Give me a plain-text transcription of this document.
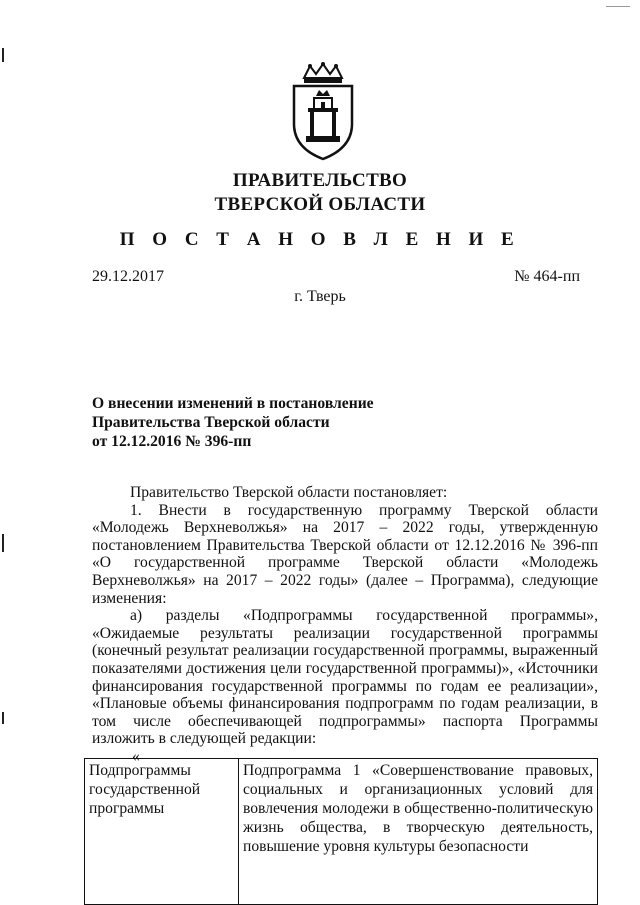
ПРАВИТЕЛЬСТВО
ТВЕРСКОЙ ОБЛАСТИ
П О С Т А Н О В Л Е Н И Е
29.12.2017	№ 464-пп
г. Тверь
О внесении изменений в постановление
Правительства Тверской области
от 12.12.2016 № 396-пп

Правительство Тверской области постановляет:

1. Внести в государственную программу Тверской области «Молодежь Верхневолжья» на 2017 – 2022 годы, утвержденную постановлением Правительства Тверской области от 12.12.2016 № 396-пп «О государственной программе Тверской области «Молодежь Верхневолжья» на 2017 – 2022 годы» (далее – Программа), следующие изменения:

а) разделы «Подпрограммы государственной программы», «Ожидаемые результаты реализации государственной программы (конечный результат реализации государственной программы, выраженный показателями достижения цели государственной программы)», «Источники финансирования государственной программы по годам ее реализации», «Плановые объемы финансирования подпрограмм по годам реализации, в том числе обеспечивающей подпрограммы» паспорта Программы изложить в следующей редакции:

«

Подпрограммы государственной программы	Подпрограмма 1 «Совершенствование правовых, социальных и организационных условий для вовлечения молодежи в общественно-политическую жизнь общества, в творческую деятельность, повышение уровня культуры безопасности
